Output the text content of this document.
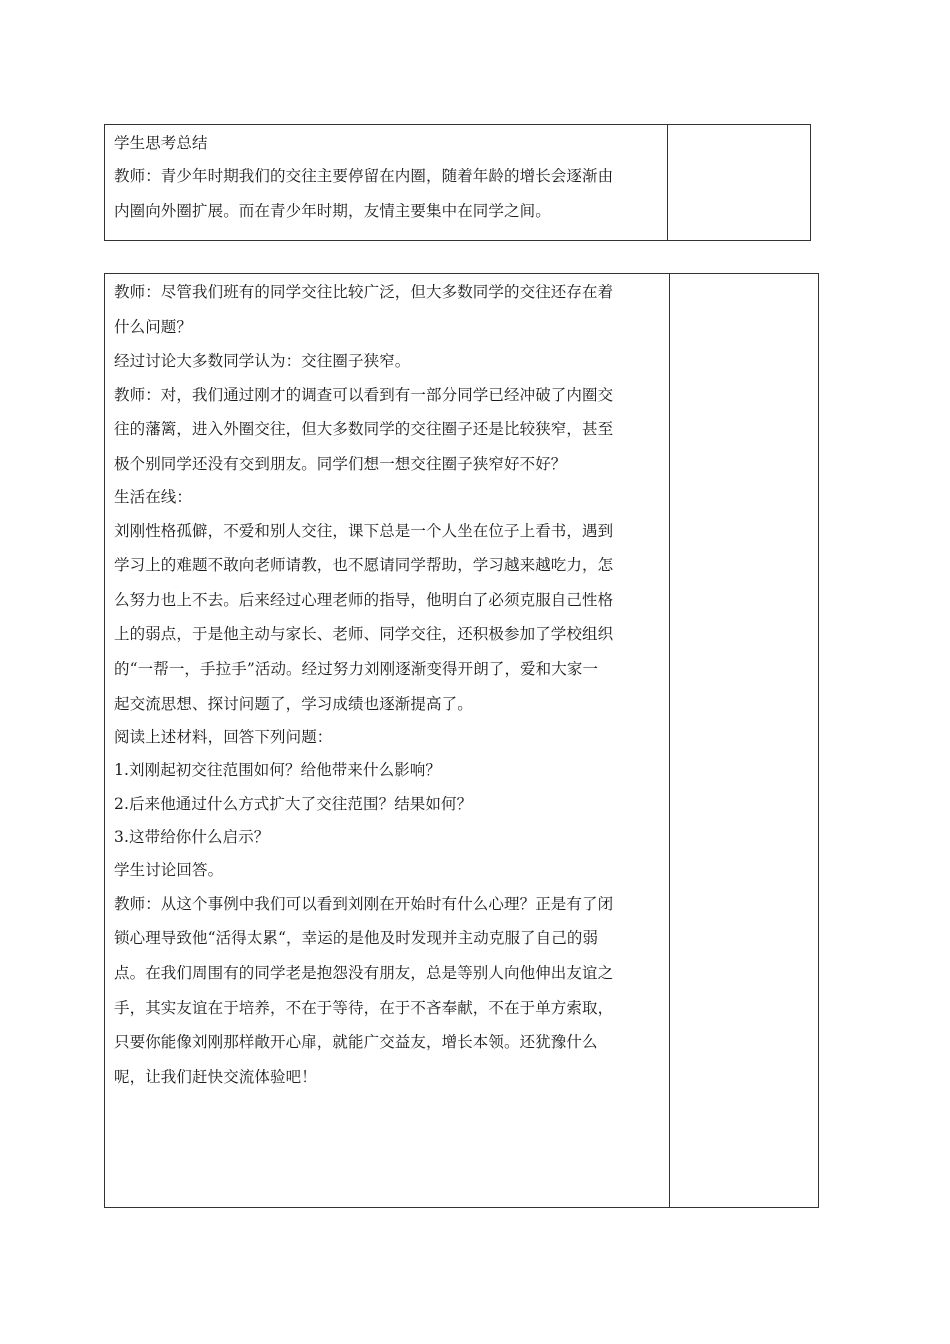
学生思考总结
教师：青少年时期我们的交往主要停留在内圈，随着年龄的增长会逐渐由
内圈向外圈扩展。而在青少年时期，友情主要集中在同学之间。
教师：尽管我们班有的同学交往比较广泛，但大多数同学的交往还存在着
什么问题？
经过讨论大多数同学认为：交往圈子狭窄。
教师：对，我们通过刚才的调查可以看到有一部分同学已经冲破了内圈交
往的藩篱，进入外圈交往，但大多数同学的交往圈子还是比较狭窄，甚至
极个别同学还没有交到朋友。同学们想一想交往圈子狭窄好不好？
生活在线：
刘刚性格孤僻，不爱和别人交往，课下总是一个人坐在位子上看书，遇到
学习上的难题不敢向老师请教，也不愿请同学帮助，学习越来越吃力，怎
么努力也上不去。后来经过心理老师的指导，他明白了必须克服自己性格
上的弱点，于是他主动与家长、老师、同学交往，还积极参加了学校组织
的“一帮一，手拉手”活动。经过努力刘刚逐渐变得开朗了，爱和大家一
起交流思想、探讨问题了，学习成绩也逐渐提高了。
阅读上述材料，回答下列问题：
1.刘刚起初交往范围如何？给他带来什么影响？
2.后来他通过什么方式扩大了交往范围？结果如何？
3.这带给你什么启示？
学生讨论回答。
教师：从这个事例中我们可以看到刘刚在开始时有什么心理？正是有了闭
锁心理导致他“活得太累“，幸运的是他及时发现并主动克服了自己的弱
点。在我们周围有的同学老是抱怨没有朋友，总是等别人向他伸出友谊之
手，其实友谊在于培养，不在于等待，在于不吝奉献，不在于单方索取，
只要你能像刘刚那样敞开心扉，就能广交益友，增长本领。还犹豫什么
呢，让我们赶快交流体验吧！
